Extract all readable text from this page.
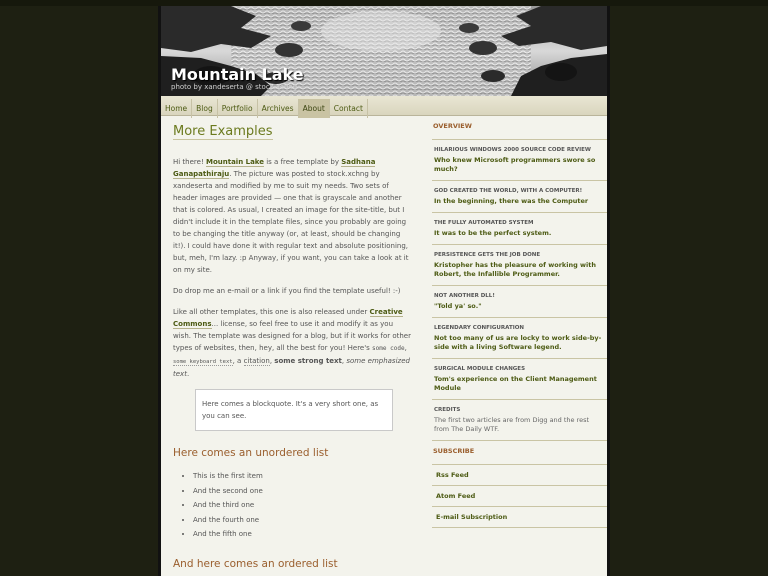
Mountain Lake
photo by xandeserta @ stock.xchng
Home Blog Portfolio Archives About Contact
More Examples

Hi there! Mountain Lake is a free template by Sadhana Ganapathiraju. The picture was posted to stock.xchng by xandeserta and modified by me to suit my needs. Two sets of header images are provided — one that is grayscale and another that is colored. As usual, I created an image for the site-title, but I didn't include it in the template files, since you probably are going to be changing the title anyway (or, at least, should be changing it!). I could have done it with regular text and absolute positioning, but, meh, I'm lazy. :p Anyway, if you want, you can take a look at it on my site.

Do drop me an e-mail or a link if you find the template useful! :-)

Like all other templates, this one is also released under Creative Commons... license, so feel free to use it and modify it as you wish. The template was designed for a blog, but if it works for other types of websites, then, hey, all the best for you! Here's some code, some keyboard text, a citation, some strong text, some emphasized text.

Here comes a blockquote. It's a very short one, as you can see.
Here comes an unordered list
• This is the first item
• And the second one
• And the third one
• And the fourth one
• And the fifth one
And here comes an ordered list
OVERVIEW
HILARIOUS WINDOWS 2000 SOURCE CODE REVIEW
Who knew Microsoft programmers swore so much?
GOD CREATED THE WORLD, WITH A COMPUTER!
In the beginning, there was the Computer
THE FULLY AUTOMATED SYSTEM
It was to be the perfect system.
PERSISTENCE GETS THE JOB DONE
Kristopher has the pleasure of working with Robert, the Infallible Programmer.
NOT ANOTHER DLL!
"Told ya' so."
LEGENDARY CONFIGURATION
Not too many of us are locky to work side-by-side with a living Software legend.
SURGICAL MODULE CHANGES
Tom's experience on the Client Management Module
CREDITS
The first two articles are from Digg and the rest from The Daily WTF.
SUBSCRIBE
Rss Feed
Atom Feed
E-mail Subscription
